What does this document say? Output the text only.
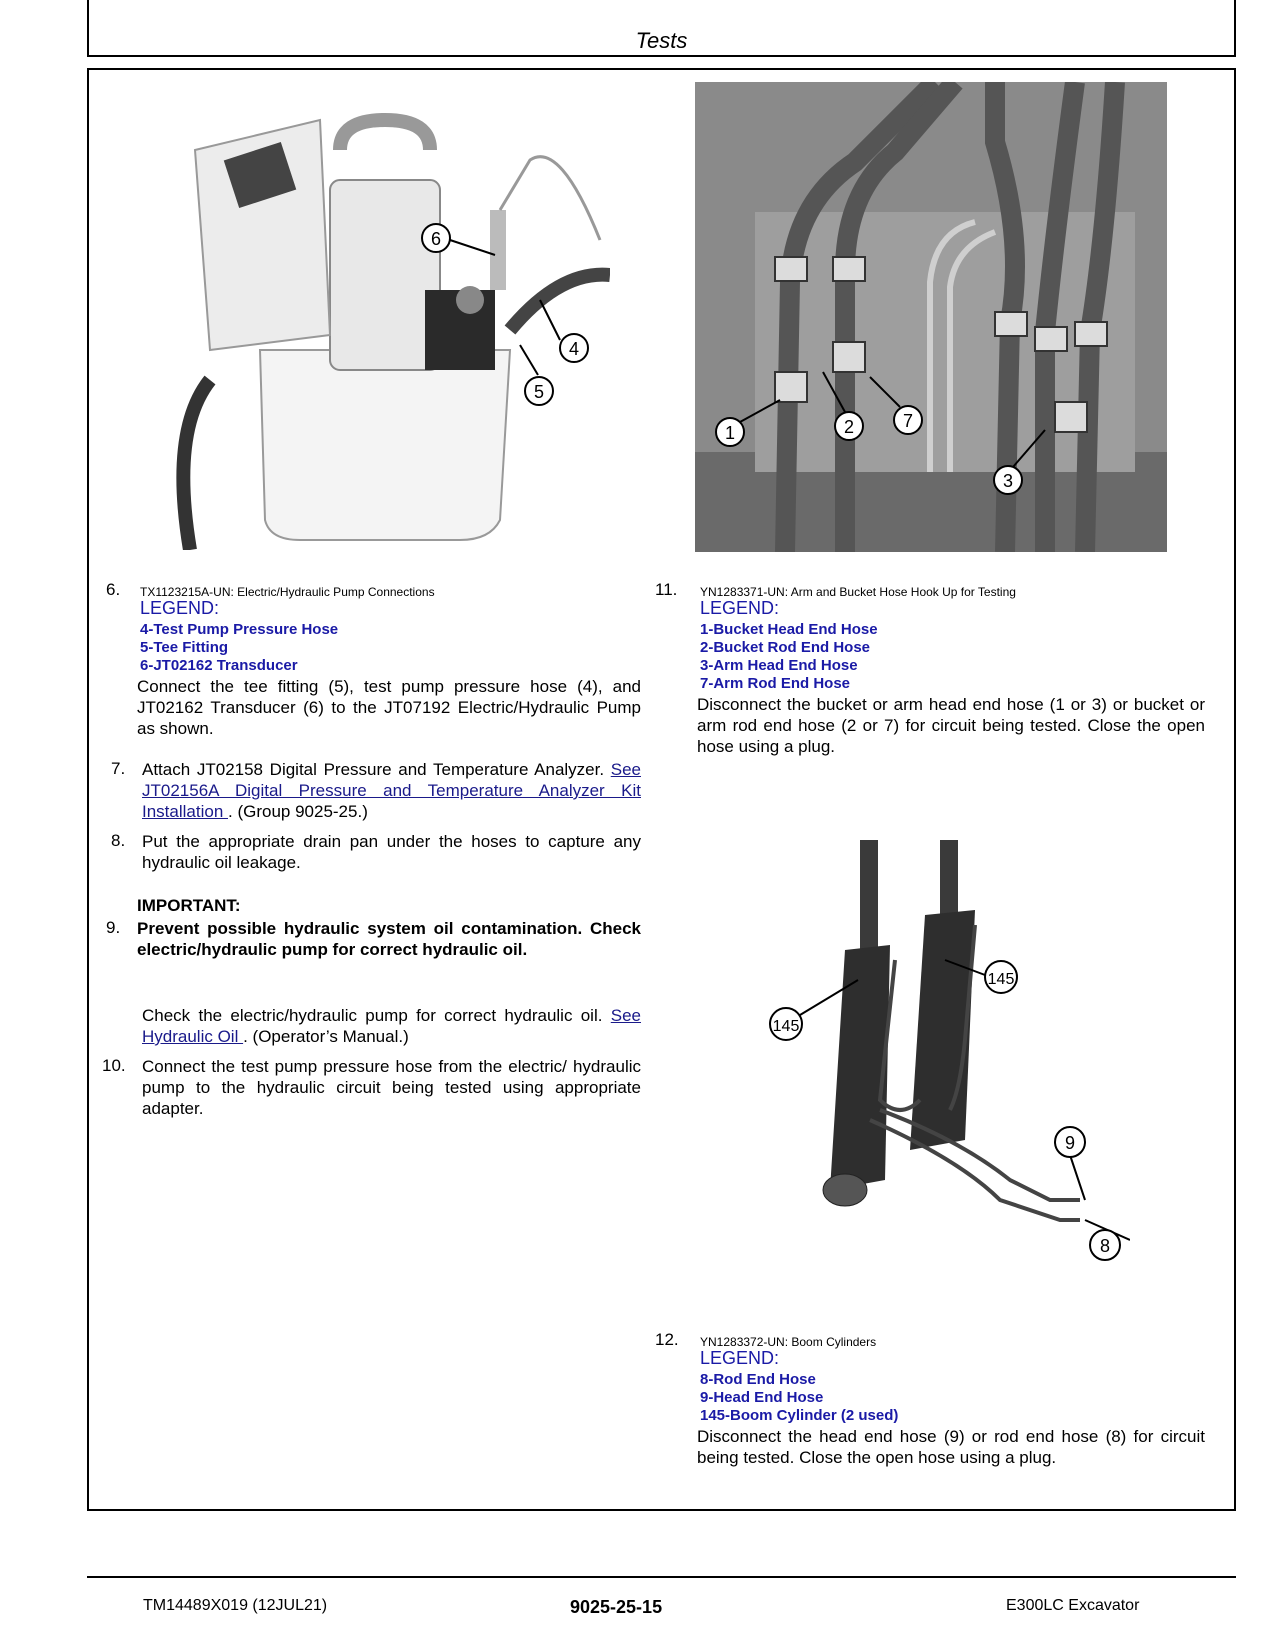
Tests
6
4
5
1	2	7
3
145
145
9
8
6. TX1123215A-UN: Electric/Hydraulic Pump Connections
LEGEND:
4-Test Pump Pressure Hose
5-Tee Fitting
6-JT02162 Transducer
Connect the tee fitting (5), test pump pressure hose (4), and JT02162 Transducer (6) to the JT07192 Electric/Hydraulic Pump as shown.
7. Attach JT02158 Digital Pressure and Temperature Analyzer. See JT02156A Digital Pressure and Temperature Analyzer Kit Installation . (Group 9025-25.)
8. Put the appropriate drain pan under the hoses to capture any hydraulic oil leakage.
IMPORTANT:
9. Prevent possible hydraulic system oil contamination. Check electric/hydraulic pump for correct hydraulic oil.
Check the electric/hydraulic pump for correct hydraulic oil. See Hydraulic Oil . (Operator’s Manual.)
10. Connect the test pump pressure hose from the electric/ hydraulic pump to the hydraulic circuit being tested using appropriate adapter.
11. YN1283371-UN: Arm and Bucket Hose Hook Up for Testing
LEGEND:
1-Bucket Head End Hose
2-Bucket Rod End Hose
3-Arm Head End Hose
7-Arm Rod End Hose
Disconnect the bucket or arm head end hose (1 or 3) or bucket or arm rod end hose (2 or 7) for circuit being tested. Close the open hose using a plug.
12. YN1283372-UN: Boom Cylinders
LEGEND:
8-Rod End Hose
9-Head End Hose
145-Boom Cylinder (2 used)
Disconnect the head end hose (9) or rod end hose (8) for circuit being tested. Close the open hose using a plug.
TM14489X019 (12JUL21)	9025-25-15	E300LC Excavator
